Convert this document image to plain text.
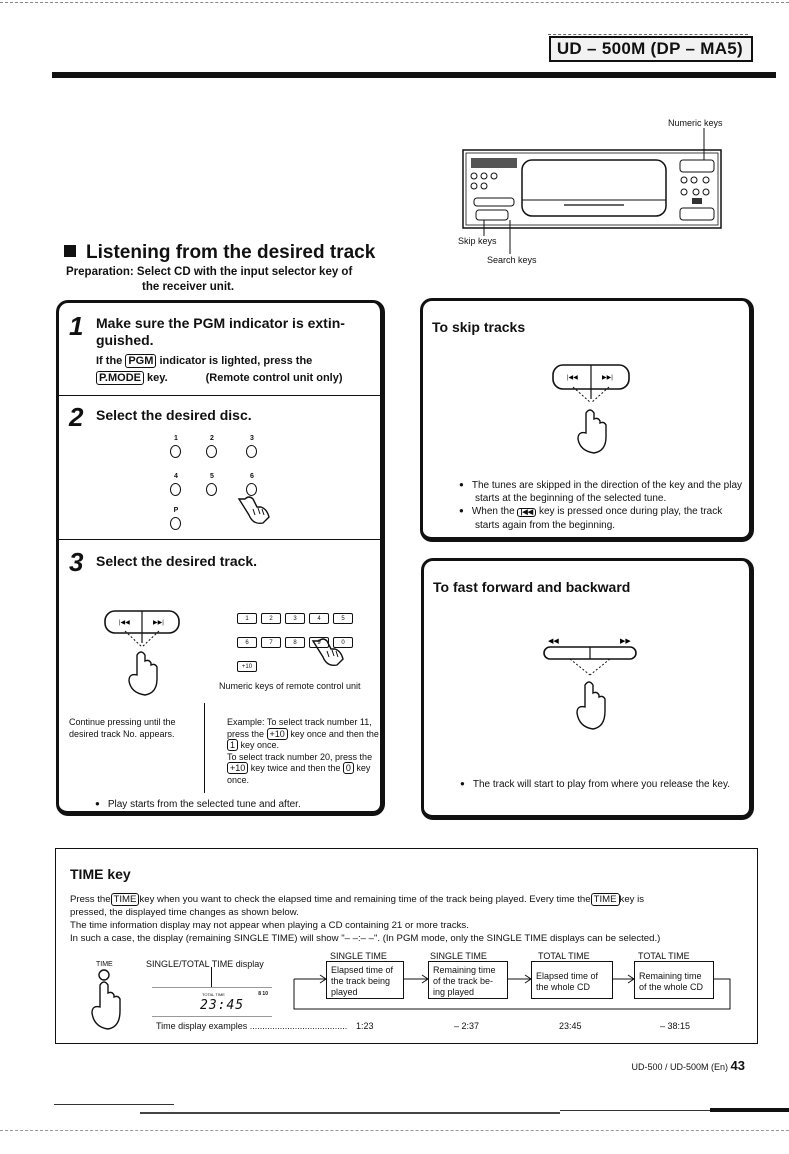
UD – 500M (DP – MA5)
Numeric keys
Skip keys
Search keys
Listening from the desired track
Preparation: Select CD with the input selector key of
the receiver unit.
1 Make sure the PGM indicator is extin-
guished.
If the PGM indicator is lighted, press the
P.MODE key.	(Remote control unit only)
2 Select the desired disc.
1	2	3
4	5	6
P
3 Select the desired track.
|◀◀	▶▶|
1	2	3	4	5
6	7	8	9	0
+10
Numeric keys of remote control unit
Continue pressing until the desired track No. appears.
Example: To select track number 11,
press the +10 key once and then the
1 key once.
To select track number 20, press the
+10 key twice and then the 0 key
once.
● Play starts from the selected tune and after.
To skip tracks
|◀◀	▶▶|
● The tunes are skipped in the direction of the key and the play starts at the beginning of the selected tune.
● When the |◀◀ key is pressed once during play, the track starts again from the beginning.
To fast forward and backward
◀◀	▶▶
● The track will start to play from where you release the key.
TIME key
Press the TIME key when you want to check the elapsed time and remaining time of the track being played. Every time the TIME key is
pressed, the displayed time changes as shown below.
The time information display may not appear when playing a CD containing 21 or more tracks.
In such a case, the display (remaining SINGLE TIME) will show "– –:– –". (In PGM mode, only the SINGLE TIME displays can be selected.)
TIME	SINGLE/TOTAL TIME display
TOTAL TIME	8 10
23:45
SINGLE TIME	SINGLE TIME	TOTAL TIME	TOTAL TIME
Elapsed time of the track being played
Remaining time of the track be-ing played
Elapsed time of the whole CD
Remaining time of the whole CD
Time display examples ....................................... 1:23	– 2:37	23:45	– 38:15
UD-500 / UD-500M (En) 43
